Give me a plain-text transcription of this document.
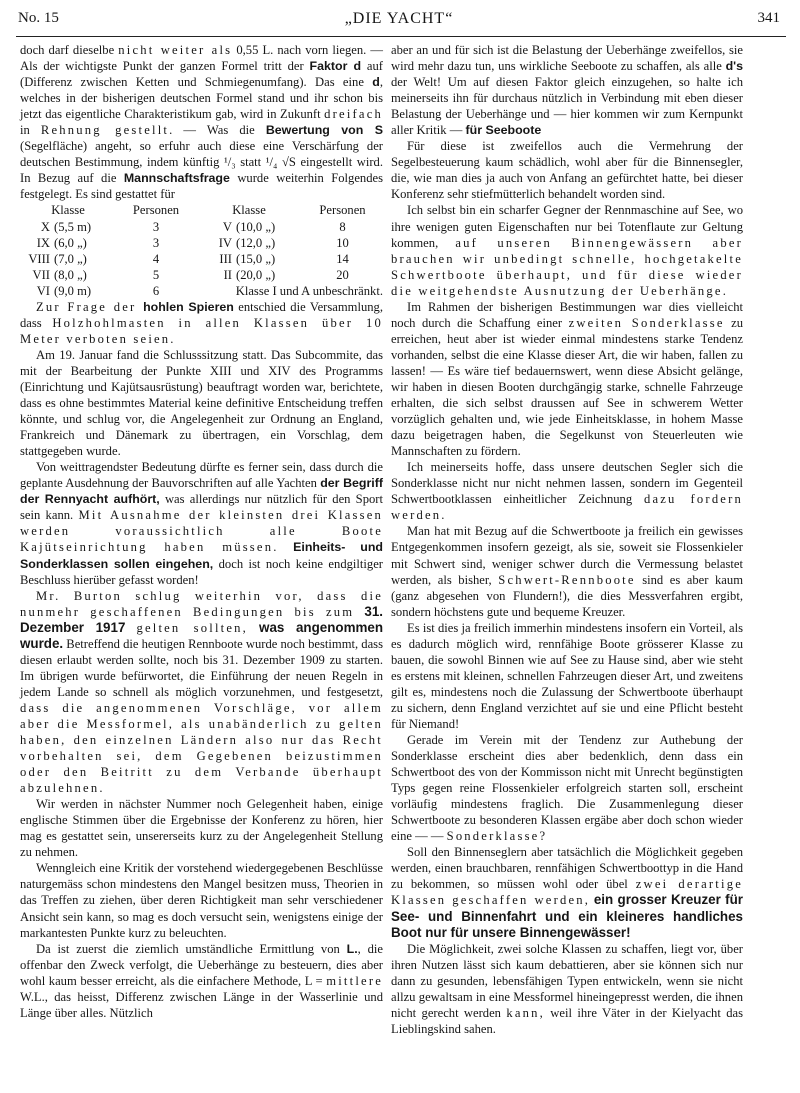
No. 15	„DIE YACHT“	341

doch darf dieselbe nicht weiter als 0,55 L. nach vorn liegen. — Als der wichtigste Punkt der ganzen Formel tritt der Faktor d auf (Differenz zwischen Ketten und Schmiegenumfang). Das eine d, welches in der bisherigen deutschen Formel stand und ihr schon bis jetzt das eigentliche Charakteristikum gab, wird in Zukunft dreifach in Rehnung gestellt. — Was die Bewertung von S (Segelfläche) angeht, so erfuhr auch diese eine Verschärfung der deutschen Bestimmung, indem künftig ¹/₃ statt ¹/₄ √S eingestellt wird. In Bezug auf die Mannschaftsfrage wurde weiterhin Folgendes festgelegt. Es sind gestattet für

Klasse		Personen	Klasse		Personen
X	(5,5 m)	3	V	(10,0 „)	8
IX	(6,0 „)	3	IV	(12,0 „)	10
VIII	(7,0 „)	4	III	(15,0 „)	14
VII	(8,0 „)	5	II	(20,0 „)	20
VI	(9,0 m)	6	Klasse I und A unbeschränkt.		

Zur Frage der hohlen Spieren entschied die Versammlung, dass Holzhohlmasten in allen Klassen über 10 Meter verboten seien.

Am 19. Januar fand die Schlusssitzung statt. Das Subcommite, das mit der Bearbeitung der Punkte XIII und XIV des Programms (Einrichtung und Kajütsausrüstung) beauftragt worden war, berichtete, dass es ohne bestimmtes Material keine definitive Entscheidung treffen könnte, und schlug vor, die Angelegenheit zur Ordnung an England, Frankreich und Dänemark zu übertragen, ein Vorschlag, dem stattgegeben wurde.

Von weittragendster Bedeutung dürfte es ferner sein, dass durch die geplante Ausdehnung der Bauvorschriften auf alle Yachten der Begriff der Rennyacht aufhört, was allerdings nur nützlich für den Sport sein kann. Mit Ausnahme der kleinsten drei Klassen werden voraussichtlich alle Boote Kajütseinrichtung haben müssen. Einheits- und Sonderklassen sollen eingehen, doch ist noch keine endgiltiger Beschluss hierüber gefasst worden!

Mr. Burton schlug weiterhin vor, dass die nunmehr geschaffenen Bedingungen bis zum 31. Dezember 1917 gelten sollten, was angenommen wurde. Betreffend die heutigen Rennboote wurde noch bestimmt, dass diesen erlaubt werden sollte, noch bis 31. Dezember 1909 zu starten. Im übrigen wurde befürwortet, die Einführung der neuen Regeln in jedem Lande so schnell als möglich vorzunehmen, und festgesetzt, dass die angenommenen Vorschläge, vor allem aber die Messformel, als unabänderlich zu gelten haben, den einzelnen Ländern also nur das Recht vorbehalten sei, dem Gegebenen beizustimmen oder den Beitritt zu dem Verbande überhaupt abzulehnen.

Wir werden in nächster Nummer noch Gelegenheit haben, einige englische Stimmen über die Ergebnisse der Konferenz zu hören, hier mag es gestattet sein, unsererseits kurz zu der Angelegenheit Stellung zu nehmen.

Wenngleich eine Kritik der vorstehend wiedergegebenen Beschlüsse naturgemäss schon mindestens den Mangel besitzen muss, Theorien in das Treffen zu ziehen, über deren Richtigkeit man sehr verschiedener Ansicht sein kann, so mag es doch versucht sein, wenigstens einige der markantesten Punkte kurz zu beleuchten.

Da ist zuerst die ziemlich umständliche Ermittlung von L., die offenbar den Zweck verfolgt, die Ueberhänge zu besteuern, dies aber wohl kaum besser erreicht, als die einfachere Methode, L = mittlere W.L., das heisst, Differenz zwischen Länge in der Wasserlinie und Länge über alles. Nützlich

aber an und für sich ist die Belastung der Ueberhänge zweifellos, sie wird mehr dazu tun, uns wirkliche Seeboote zu schaffen, als alle d's der Welt! Um auf diesen Faktor gleich einzugehen, so halte ich meinerseits ihn für durchaus nützlich in Verbindung mit eben dieser Belastung der Ueberhänge und — hier kommen wir zum Kernpunkt aller Kritik — für Seeboote

Für diese ist zweifellos auch die Vermehrung der Segelbesteuerung kaum schädlich, wohl aber für die Binnensegler, die, wie man dies ja auch von Anfang an gefürchtet hatte, bei dieser Konferenz sehr stiefmütterlich behandelt worden sind.

Ich selbst bin ein scharfer Gegner der Rennmaschine auf See, wo ihre wenigen guten Eigenschaften nur bei Totenflaute zur Geltung kommen, auf unseren Binnengewässern aber brauchen wir unbedingt schnelle, hochgetakelte Schwertboote überhaupt, und für diese wieder die weitgehendste Ausnutzung der Ueberhänge.

Im Rahmen der bisherigen Bestimmungen war dies vielleicht noch durch die Schaffung einer zweiten Sonderklasse zu erreichen, heut aber ist wieder einmal mindestens starke Tendenz vorhanden, selbst die eine Klasse dieser Art, die wir haben, fallen zu lassen! — Es wäre tief bedauernswert, wenn diese Absicht gelänge, wir haben in diesen Booten durchgängig starke, schnelle Fahrzeuge erhalten, die sich selbst draussen auf See in schwerem Wetter vorzüglich gehalten und, wie jede Einheitsklasse, in hohem Masse dazu beigetragen haben, die Segelkunst von Steuerleuten wie Mannschaften zu fördern.

Ich meinerseits hoffe, dass unsere deutschen Segler sich die Sonderklasse nicht nur nicht nehmen lassen, sondern im Gegenteil Schwertbootklassen einheitlicher Zeichnung dazu fordern werden.

Man hat mit Bezug auf die Schwertboote ja freilich ein gewisses Entgegenkommen insofern gezeigt, als sie, soweit sie Flossenkieler mit Schwert sind, weniger schwer durch die Vermessung belastet werden, als bisher, Schwert-Rennboote sind es aber kaum (ganz abgesehen von Flundern!), die dies Messverfahren ergibt, sondern höchstens gute und bequeme Kreuzer.

Es ist dies ja freilich immerhin mindestens insofern ein Vorteil, als es dadurch möglich wird, rennfähige Boote grösserer Klasse zu bauen, die sowohl Binnen wie auf See zu Hause sind, aber wie steht es erstens mit kleinen, schnellen Fahrzeugen dieser Art, und zweitens gilt es, mindestens noch die Zulassung der Schwertboote überhaupt zu sichern, denn England verzichtet auf sie und eine Pflicht besteht für Niemand!

Gerade im Verein mit der Tendenz zur Authebung der Sonderklasse erscheint dies aber bedenklich, denn dass ein Schwertboot des von der Kommisson nicht mit Unrecht begünstigten Typs gegen reine Flossenkieler erfolgreich starten soll, erscheint vorläufig mindestens fraglich. Die Zusammenlegung dieser Schwertboote zu besonderen Klassen ergäbe aber doch schon wieder eine — — Sonderklasse?

Soll den Binnenseglern aber tatsächlich die Möglichkeit gegeben werden, einen brauchbaren, rennfähigen Schwertboottyp in die Hand zu bekommen, so müssen wohl oder übel zwei derartige Klassen geschaffen werden, ein grosser Kreuzer für See- und Binnenfahrt und ein kleineres handliches Boot nur für unsere Binnengewässer!

Die Möglichkeit, zwei solche Klassen zu schaffen, liegt vor, über ihren Nutzen lässt sich kaum debattieren, aber sie können sich nur dann zu gesunden, lebensfähigen Typen entwickeln, wenn sie nicht allzu gewaltsam in eine Messformel hineingepresst werden, die ihnen nicht gerecht werden kann, weil ihre Väter in der Kielyacht das Lieblingskind sahen.
